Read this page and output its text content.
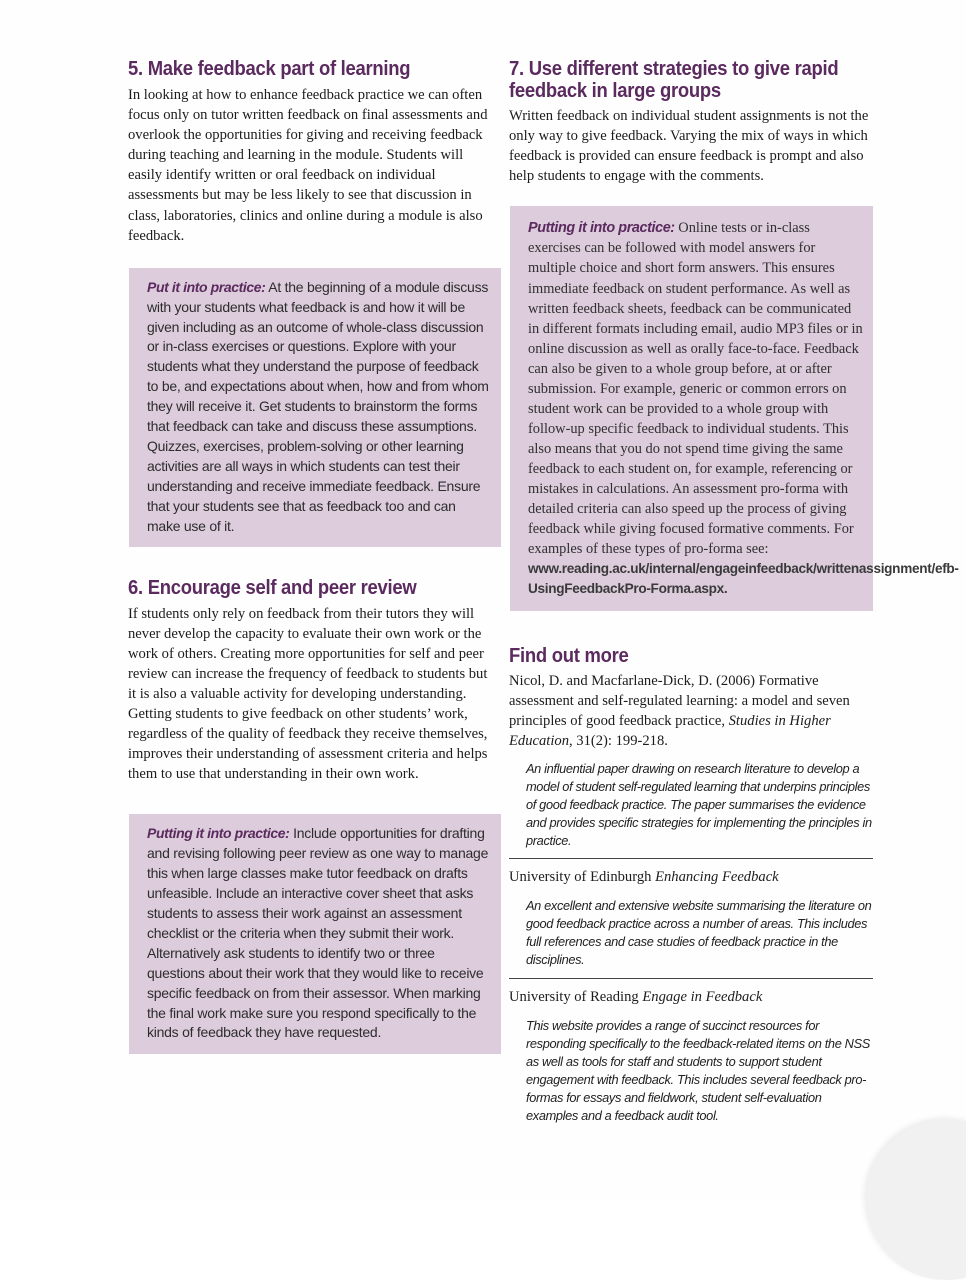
5. Make feedback part of learning

In looking at how to enhance feedback practice we can often focus only on tutor written feedback on final assessments and overlook the opportunities for giving and receiving feedback during teaching and learning in the module. Students will easily identify written or oral feedback on individual assessments but may be less likely to see that discussion in class, laboratories, clinics and online during a module is also feedback.

Put it into practice: At the beginning of a module discuss with your students what feedback is and how it will be given including as an outcome of whole-class discussion or in-class exercises or questions. Explore with your students what they understand the purpose of feedback to be, and expectations about when, how and from whom they will receive it. Get students to brainstorm the forms that feedback can take and discuss these assumptions. Quizzes, exercises, problem-solving or other learning activities are all ways in which students can test their understanding and receive immediate feedback. Ensure that your students see that as feedback too and can make use of it.
6. Encourage self and peer review

If students only rely on feedback from their tutors they will never develop the capacity to evaluate their own work or the work of others. Creating more opportunities for self and peer review can increase the frequency of feedback to students but it is also a valuable activity for developing understanding. Getting students to give feedback on other students’ work, regardless of the quality of feedback they receive themselves, improves their understanding of assessment criteria and helps them to use that understanding in their own work.

Putting it into practice: Include opportunities for drafting and revising following peer review as one way to manage this when large classes make tutor feedback on drafts unfeasible. Include an interactive cover sheet that asks students to assess their work against an assessment checklist or the criteria when they submit their work. Alternatively ask students to identify two or three questions about their work that they would like to receive specific feedback on from their assessor. When marking the final work make sure you respond specifically to the kinds of feedback they have requested.
7. Use different strategies to give rapid feedback in large groups

Written feedback on individual student assignments is not the only way to give feedback. Varying the mix of ways in which feedback is provided can ensure feedback is prompt and also help students to engage with the comments.

Putting it into practice: Online tests or in-class exercises can be followed with model answers for multiple choice and short form answers. This ensures immediate feedback on student performance. As well as written feedback sheets, feedback can be communicated in different formats including email, audio MP3 files or in online discussion as well as orally face-to-face. Feedback can also be given to a whole group before, at or after submission. For example, generic or common errors on student work can be provided to a whole group with follow-up specific feedback to individual students. This also means that you do not spend time giving the same feedback to each student on, for example, referencing or mistakes in calculations. An assessment pro-forma with detailed criteria can also speed up the process of giving feedback while giving focused formative comments. For examples of these types of pro-forma see: www.reading.ac.uk/internal/engageinfeedback/writtenassignment/efb-UsingFeedbackPro-Forma.aspx.
Find out more

Nicol, D. and Macfarlane-Dick, D. (2006) Formative assessment and self-regulated learning: a model and seven principles of good feedback practice, Studies in Higher Education, 31(2): 199-218.

An influential paper drawing on research literature to develop a model of student self-regulated learning that underpins principles of good feedback practice. The paper summarises the evidence and provides specific strategies for implementing the principles in practice.

University of Edinburgh Enhancing Feedback

An excellent and extensive website summarising the literature on good feedback practice across a number of areas. This includes full references and case studies of feedback practice in the disciplines.

University of Reading Engage in Feedback

This website provides a range of succinct resources for responding specifically to the feedback-related items on the NSS as well as tools for staff and students to support student engagement with feedback. This includes several feedback pro-formas for essays and fieldwork, student self-evaluation examples and a feedback audit tool.
